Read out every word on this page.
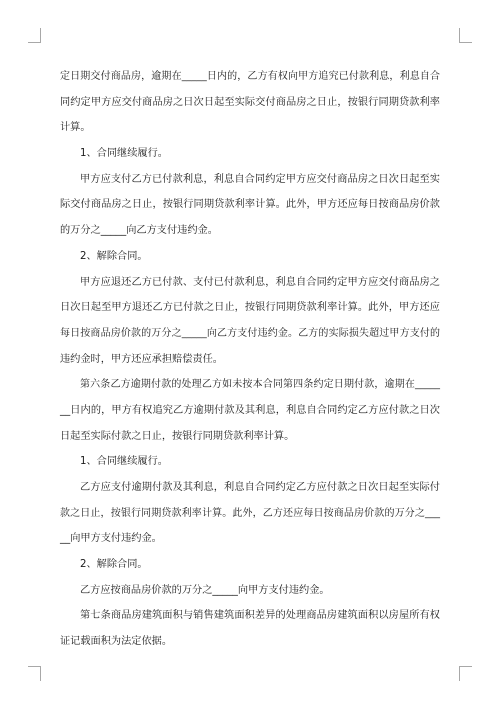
定日期交付商品房，逾期在_____日内的，乙方有权向甲方追究已付款利息，利息自合
同约定甲方应交付商品房之日次日起至实际交付商品房之日止，按银行同期贷款利率
计算。
1、合同继续履行。
甲方应支付乙方已付款利息，利息自合同约定甲方应交付商品房之日次日起至实
际交付商品房之日止，按银行同期贷款利率计算。此外，甲方还应每日按商品房价款
的万分之_____向乙方支付违约金。
2、解除合同。
甲方应退还乙方已付款、支付已付款利息，利息自合同约定甲方应交付商品房之
日次日起至甲方退还乙方已付款之日止，按银行同期贷款利率计算。此外，甲方还应
每日按商品房价款的万分之_____向乙方支付违约金。乙方的实际损失超过甲方支付的
违约金时，甲方还应承担赔偿责任。
第六条乙方逾期付款的处理乙方如未按本合同第四条约定日期付款，逾期在_____
__日内的，甲方有权追究乙方逾期付款及其利息，利息自合同约定乙方应付款之日次
日起至实际付款之日止，按银行同期贷款利率计算。
1、合同继续履行。
乙方应支付逾期付款及其利息，利息自合同约定乙方应付款之日次日起至实际付
款之日止，按银行同期贷款利率计算。此外，乙方还应每日按商品房价款的万分之___
__向甲方支付违约金。
2、解除合同。
乙方应按商品房价款的万分之_____向甲方支付违约金。
第七条商品房建筑面积与销售建筑面积差异的处理商品房建筑面积以房屋所有权
证记载面积为法定依据。
